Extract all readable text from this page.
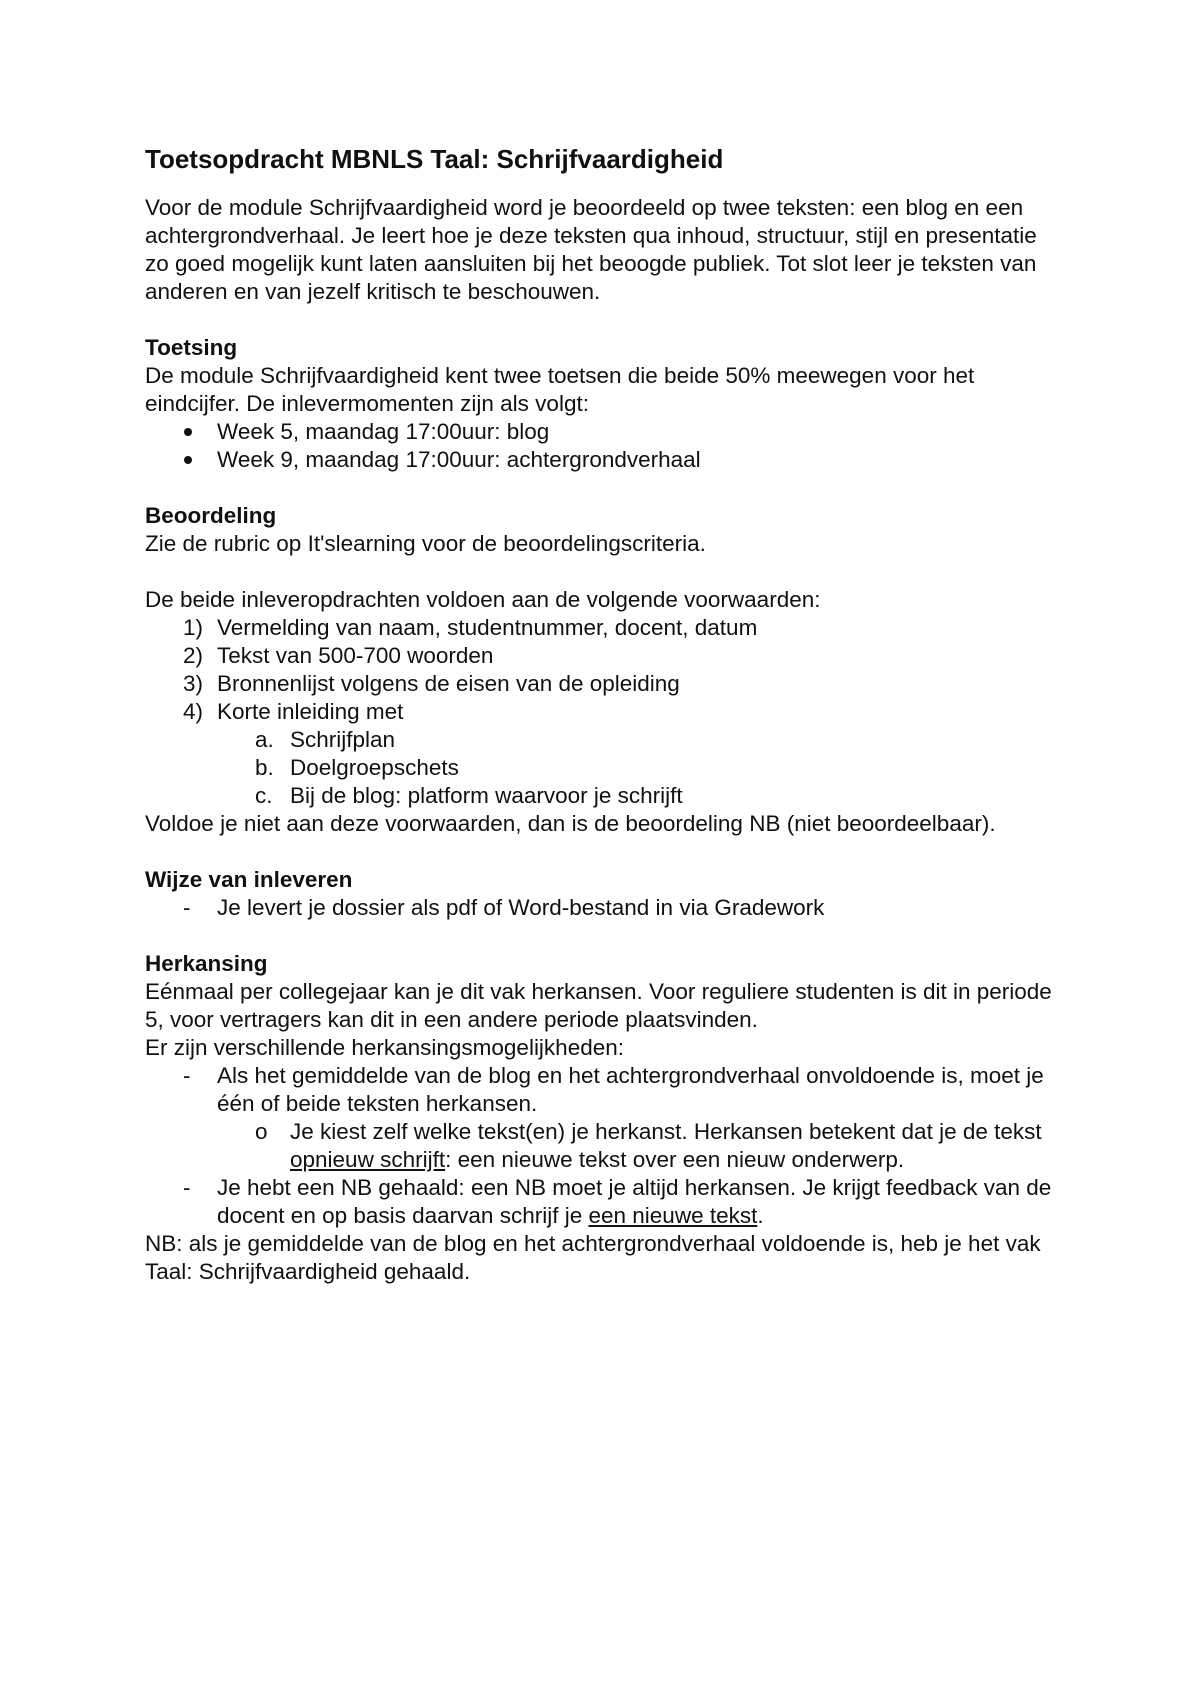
Toetsopdracht MBNLS Taal: Schrijfvaardigheid

Voor de module Schrijfvaardigheid word je beoordeeld op twee teksten: een blog en een achtergrondverhaal. Je leert hoe je deze teksten qua inhoud, structuur, stijl en presentatie zo goed mogelijk kunt laten aansluiten bij het beoogde publiek. Tot slot leer je teksten van anderen en van jezelf kritisch te beschouwen.

Toetsing

De module Schrijfvaardigheid kent twee toetsen die beide 50% meewegen voor het eindcijfer. De inlevermomenten zijn als volgt:

Week 5, maandag 17:00uur: blog
Week 9, maandag 17:00uur: achtergrondverhaal

Beoordeling

Zie de rubric op It'slearning voor de beoordelingscriteria.

De beide inleveropdrachten voldoen aan de volgende voorwaarden:

1) Vermelding van naam, studentnummer, docent, datum
2) Tekst van 500-700 woorden
3) Bronnenlijst volgens de eisen van de opleiding
4) Korte inleiding met
a. Schrijfplan
b. Doelgroepschets
c. Bij de blog: platform waarvoor je schrijft

Voldoe je niet aan deze voorwaarden, dan is de beoordeling NB (niet beoordeelbaar).

Wijze van inleveren

- Je levert je dossier als pdf of Word-bestand in via Gradework

Herkansing

Eénmaal per collegejaar kan je dit vak herkansen. Voor reguliere studenten is dit in periode 5, voor vertragers kan dit in een andere periode plaatsvinden.

Er zijn verschillende herkansingsmogelijkheden:

- Als het gemiddelde van de blog en het achtergrondverhaal onvoldoende is, moet je één of beide teksten herkansen.
o Je kiest zelf welke tekst(en) je herkanst. Herkansen betekent dat je de tekst opnieuw schrijft: een nieuwe tekst over een nieuw onderwerp.
- Je hebt een NB gehaald: een NB moet je altijd herkansen. Je krijgt feedback van de docent en op basis daarvan schrijf je een nieuwe tekst.

NB: als je gemiddelde van de blog en het achtergrondverhaal voldoende is, heb je het vak Taal: Schrijfvaardigheid gehaald.
